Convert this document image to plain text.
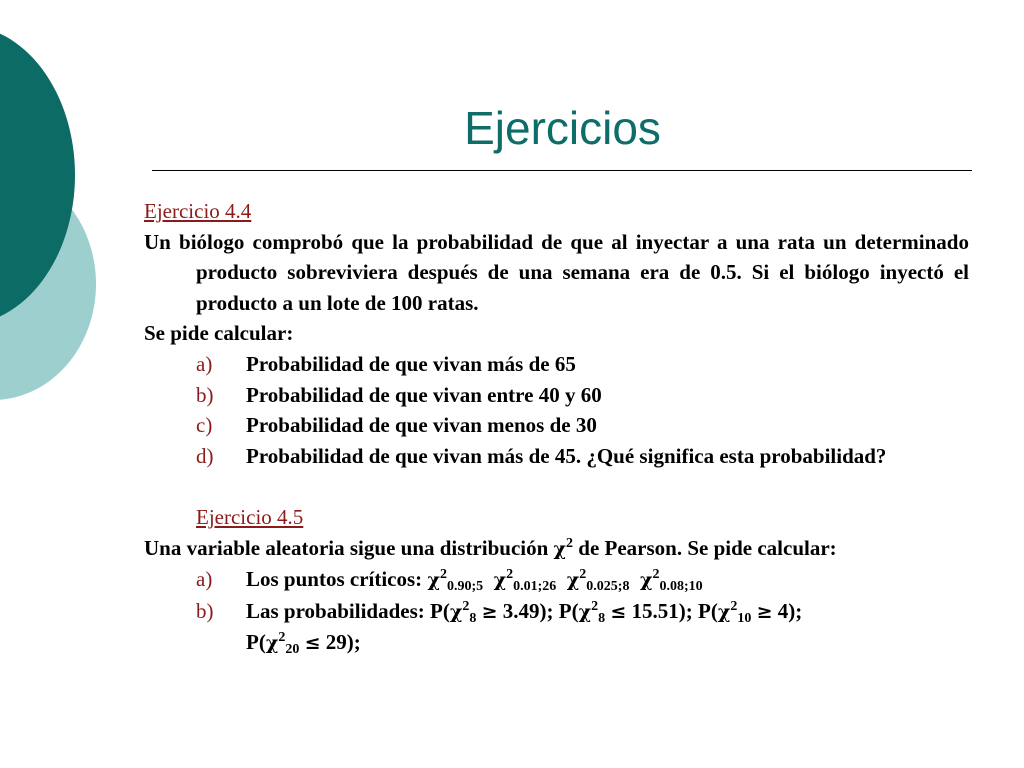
Ejercicios

Ejercicio 4.4

Un biólogo comprobó que la probabilidad de que al inyectar a una rata un determinado producto sobreviviera después de una semana era de 0.5. Si el biólogo inyectó el producto a un lote de 100 ratas.

Se pide calcular:

a)	Probabilidad de que vivan más de 65
b)	Probabilidad de que vivan entre 40 y 60
c)	Probabilidad de que vivan menos de 30
d)	Probabilidad de que vivan más de 45. ¿Qué significa esta probabilidad?

Ejercicio 4.5

Una variable aleatoria sigue una distribución $\chi^2$ de Pearson. Se pide calcular:

a)	Los puntos críticos: $\chi^2_{0.90;5}$ $\chi^2_{0.01;26}$ $\chi^2_{0.025;8}$ $\chi^2_{0.08;10}$
b)	Las probabilidades: $P(\chi^2_8 \ge 3.49)$; $P(\chi^2_8 \le 15.51)$; $P(\chi^2_{10} \ge 4)$;
$P(\chi^2_{20} \le 29)$;
